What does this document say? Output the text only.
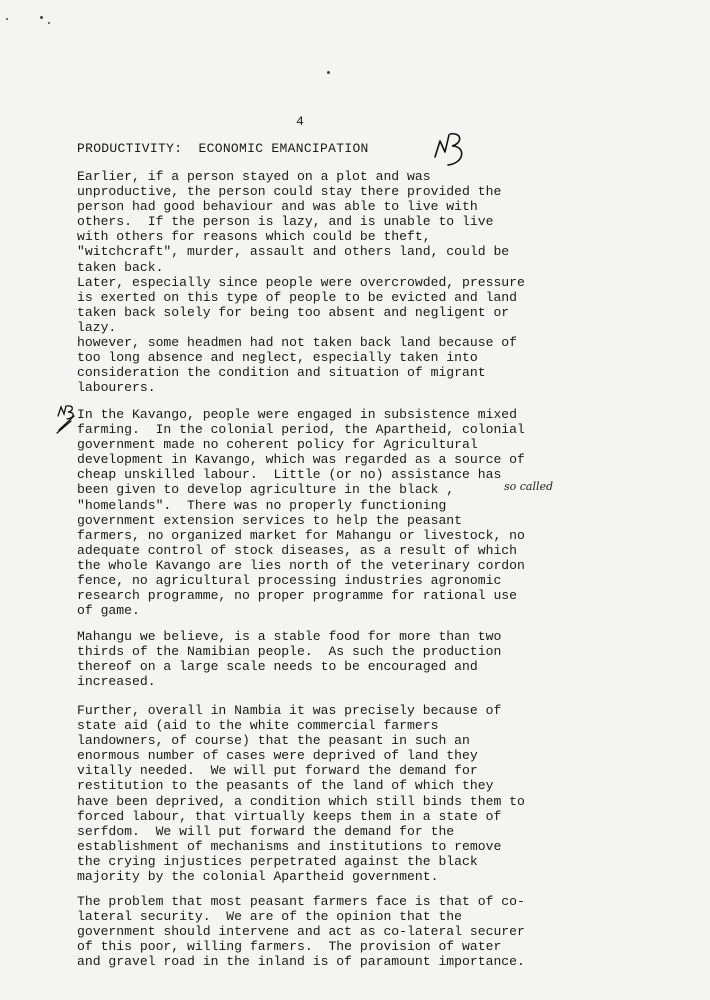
4
PRODUCTIVITY:  ECONOMIC EMANCIPATION
so called
Earlier, if a person stayed on a plot and was
unproductive, the person could stay there provided the
person had good behaviour and was able to live with
others.  If the person is lazy, and is unable to live
with others for reasons which could be theft,
"witchcraft", murder, assault and others land, could be
taken back.
Later, especially since people were overcrowded, pressure
is exerted on this type of people to be evicted and land
taken back solely for being too absent and negligent or
lazy.
however, some headmen had not taken back land because of
too long absence and neglect, especially taken into
consideration the condition and situation of migrant
labourers.
In the Kavango, people were engaged in subsistence mixed
farming.  In the colonial period, the Apartheid, colonial
government made no coherent policy for Agricultural
development in Kavango, which was regarded as a source of
cheap unskilled labour.  Little (or no) assistance has
been given to develop agriculture in the black ,
"homelands".  There was no properly functioning
government extension services to help the peasant
farmers, no organized market for Mahangu or livestock, no
adequate control of stock diseases, as a result of which
the whole Kavango are lies north of the veterinary cordon
fence, no agricultural processing industries agronomic
research programme, no proper programme for rational use
of game.
Mahangu we believe, is a stable food for more than two
thirds of the Namibian people.  As such the production
thereof on a large scale needs to be encouraged and
increased.
Further, overall in Nambia it was precisely because of
state aid (aid to the white commercial farmers
landowners, of course) that the peasant in such an
enormous number of cases were deprived of land they
vitally needed.  We will put forward the demand for
restitution to the peasants of the land of which they
have been deprived, a condition which still binds them to
forced labour, that virtually keeps them in a state of
serfdom.  We will put forward the demand for the
establishment of mechanisms and institutions to remove
the crying injustices perpetrated against the black
majority by the colonial Apartheid government.
The problem that most peasant farmers face is that of co-
lateral security.  We are of the opinion that the
government should intervene and act as co-lateral securer
of this poor, willing farmers.  The provision of water
and gravel road in the inland is of paramount importance.
